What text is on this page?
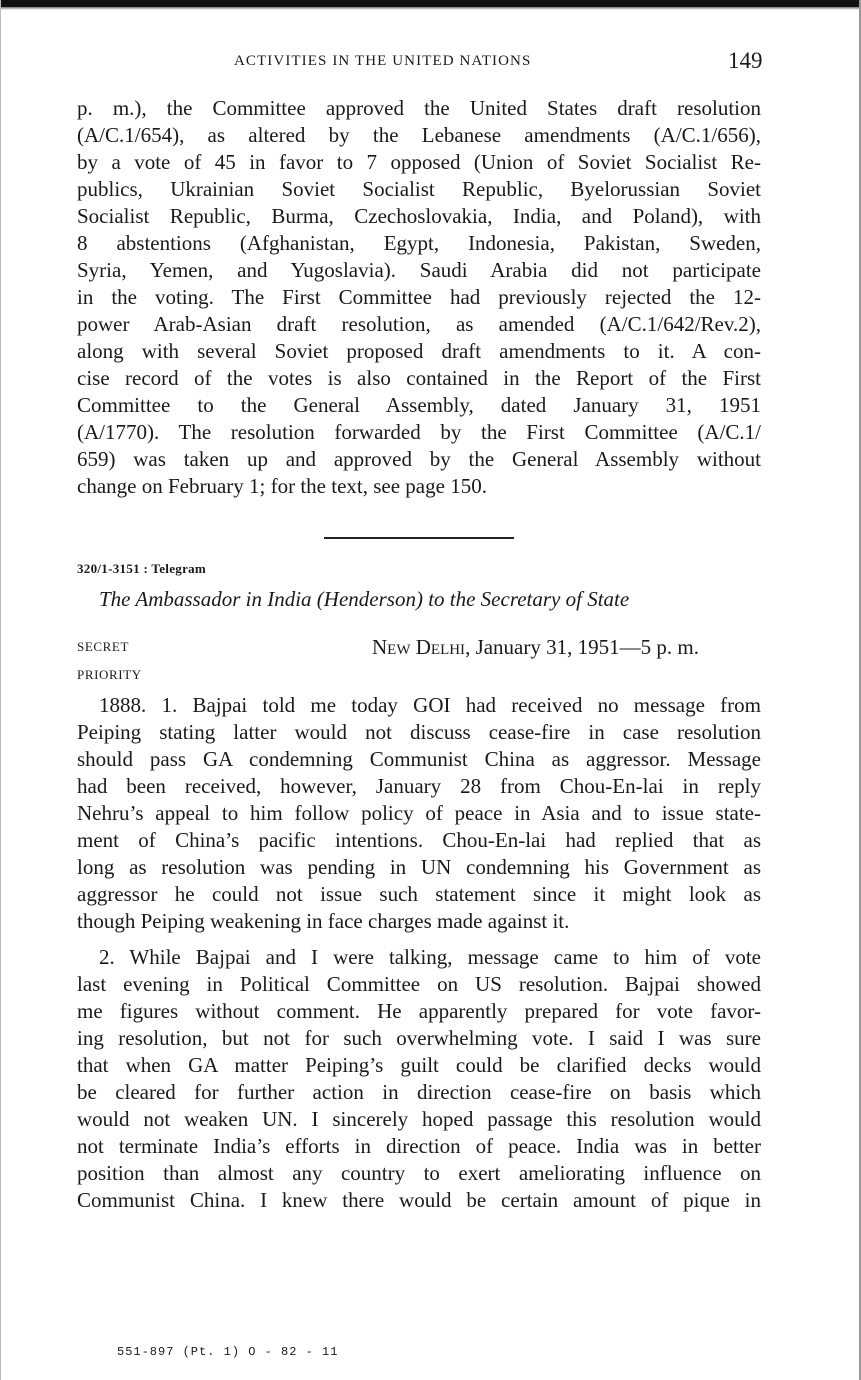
ACTIVITIES IN THE UNITED NATIONS	149
p. m.), the Committee approved the United States draft resolution
(A/C.1/654), as altered by the Lebanese amendments (A/C.1/656),
by a vote of 45 in favor to 7 opposed (Union of Soviet Socialist Re-
publics, Ukrainian Soviet Socialist Republic, Byelorussian Soviet
Socialist Republic, Burma, Czechoslovakia, India, and Poland), with
8 abstentions (Afghanistan, Egypt, Indonesia, Pakistan, Sweden,
Syria, Yemen, and Yugoslavia). Saudi Arabia did not participate
in the voting. The First Committee had previously rejected the 12-
power Arab-Asian draft resolution, as amended (A/C.1/642/Rev.2),
along with several Soviet proposed draft amendments to it. A con-
cise record of the votes is also contained in the Report of the First
Committee to the General Assembly, dated January 31, 1951
(A/1770). The resolution forwarded by the First Committee (A/C.1/
659) was taken up and approved by the General Assembly without
change on February 1; for the text, see page 150.
320/1-3151 : Telegram
The Ambassador in India (Henderson) to the Secretary of State
SECRET	New Delhi, January 31, 1951—5 p. m.
PRIORITY
1888. 1. Bajpai told me today GOI had received no message from
Peiping stating latter would not discuss cease-fire in case resolution
should pass GA condemning Communist China as aggressor. Message
had been received, however, January 28 from Chou-En-lai in reply
Nehru’s appeal to him follow policy of peace in Asia and to issue state-
ment of China’s pacific intentions. Chou-En-lai had replied that as
long as resolution was pending in UN condemning his Government as
aggressor he could not issue such statement since it might look as
though Peiping weakening in face charges made against it.
2. While Bajpai and I were talking, message came to him of vote
last evening in Political Committee on US resolution. Bajpai showed
me figures without comment. He apparently prepared for vote favor-
ing resolution, but not for such overwhelming vote. I said I was sure
that when GA matter Peiping’s guilt could be clarified decks would
be cleared for further action in direction cease-fire on basis which
would not weaken UN. I sincerely hoped passage this resolution would
not terminate India’s efforts in direction of peace. India was in better
position than almost any country to exert ameliorating influence on
Communist China. I knew there would be certain amount of pique in
551-897 (Pt. 1) O - 82 - 11
